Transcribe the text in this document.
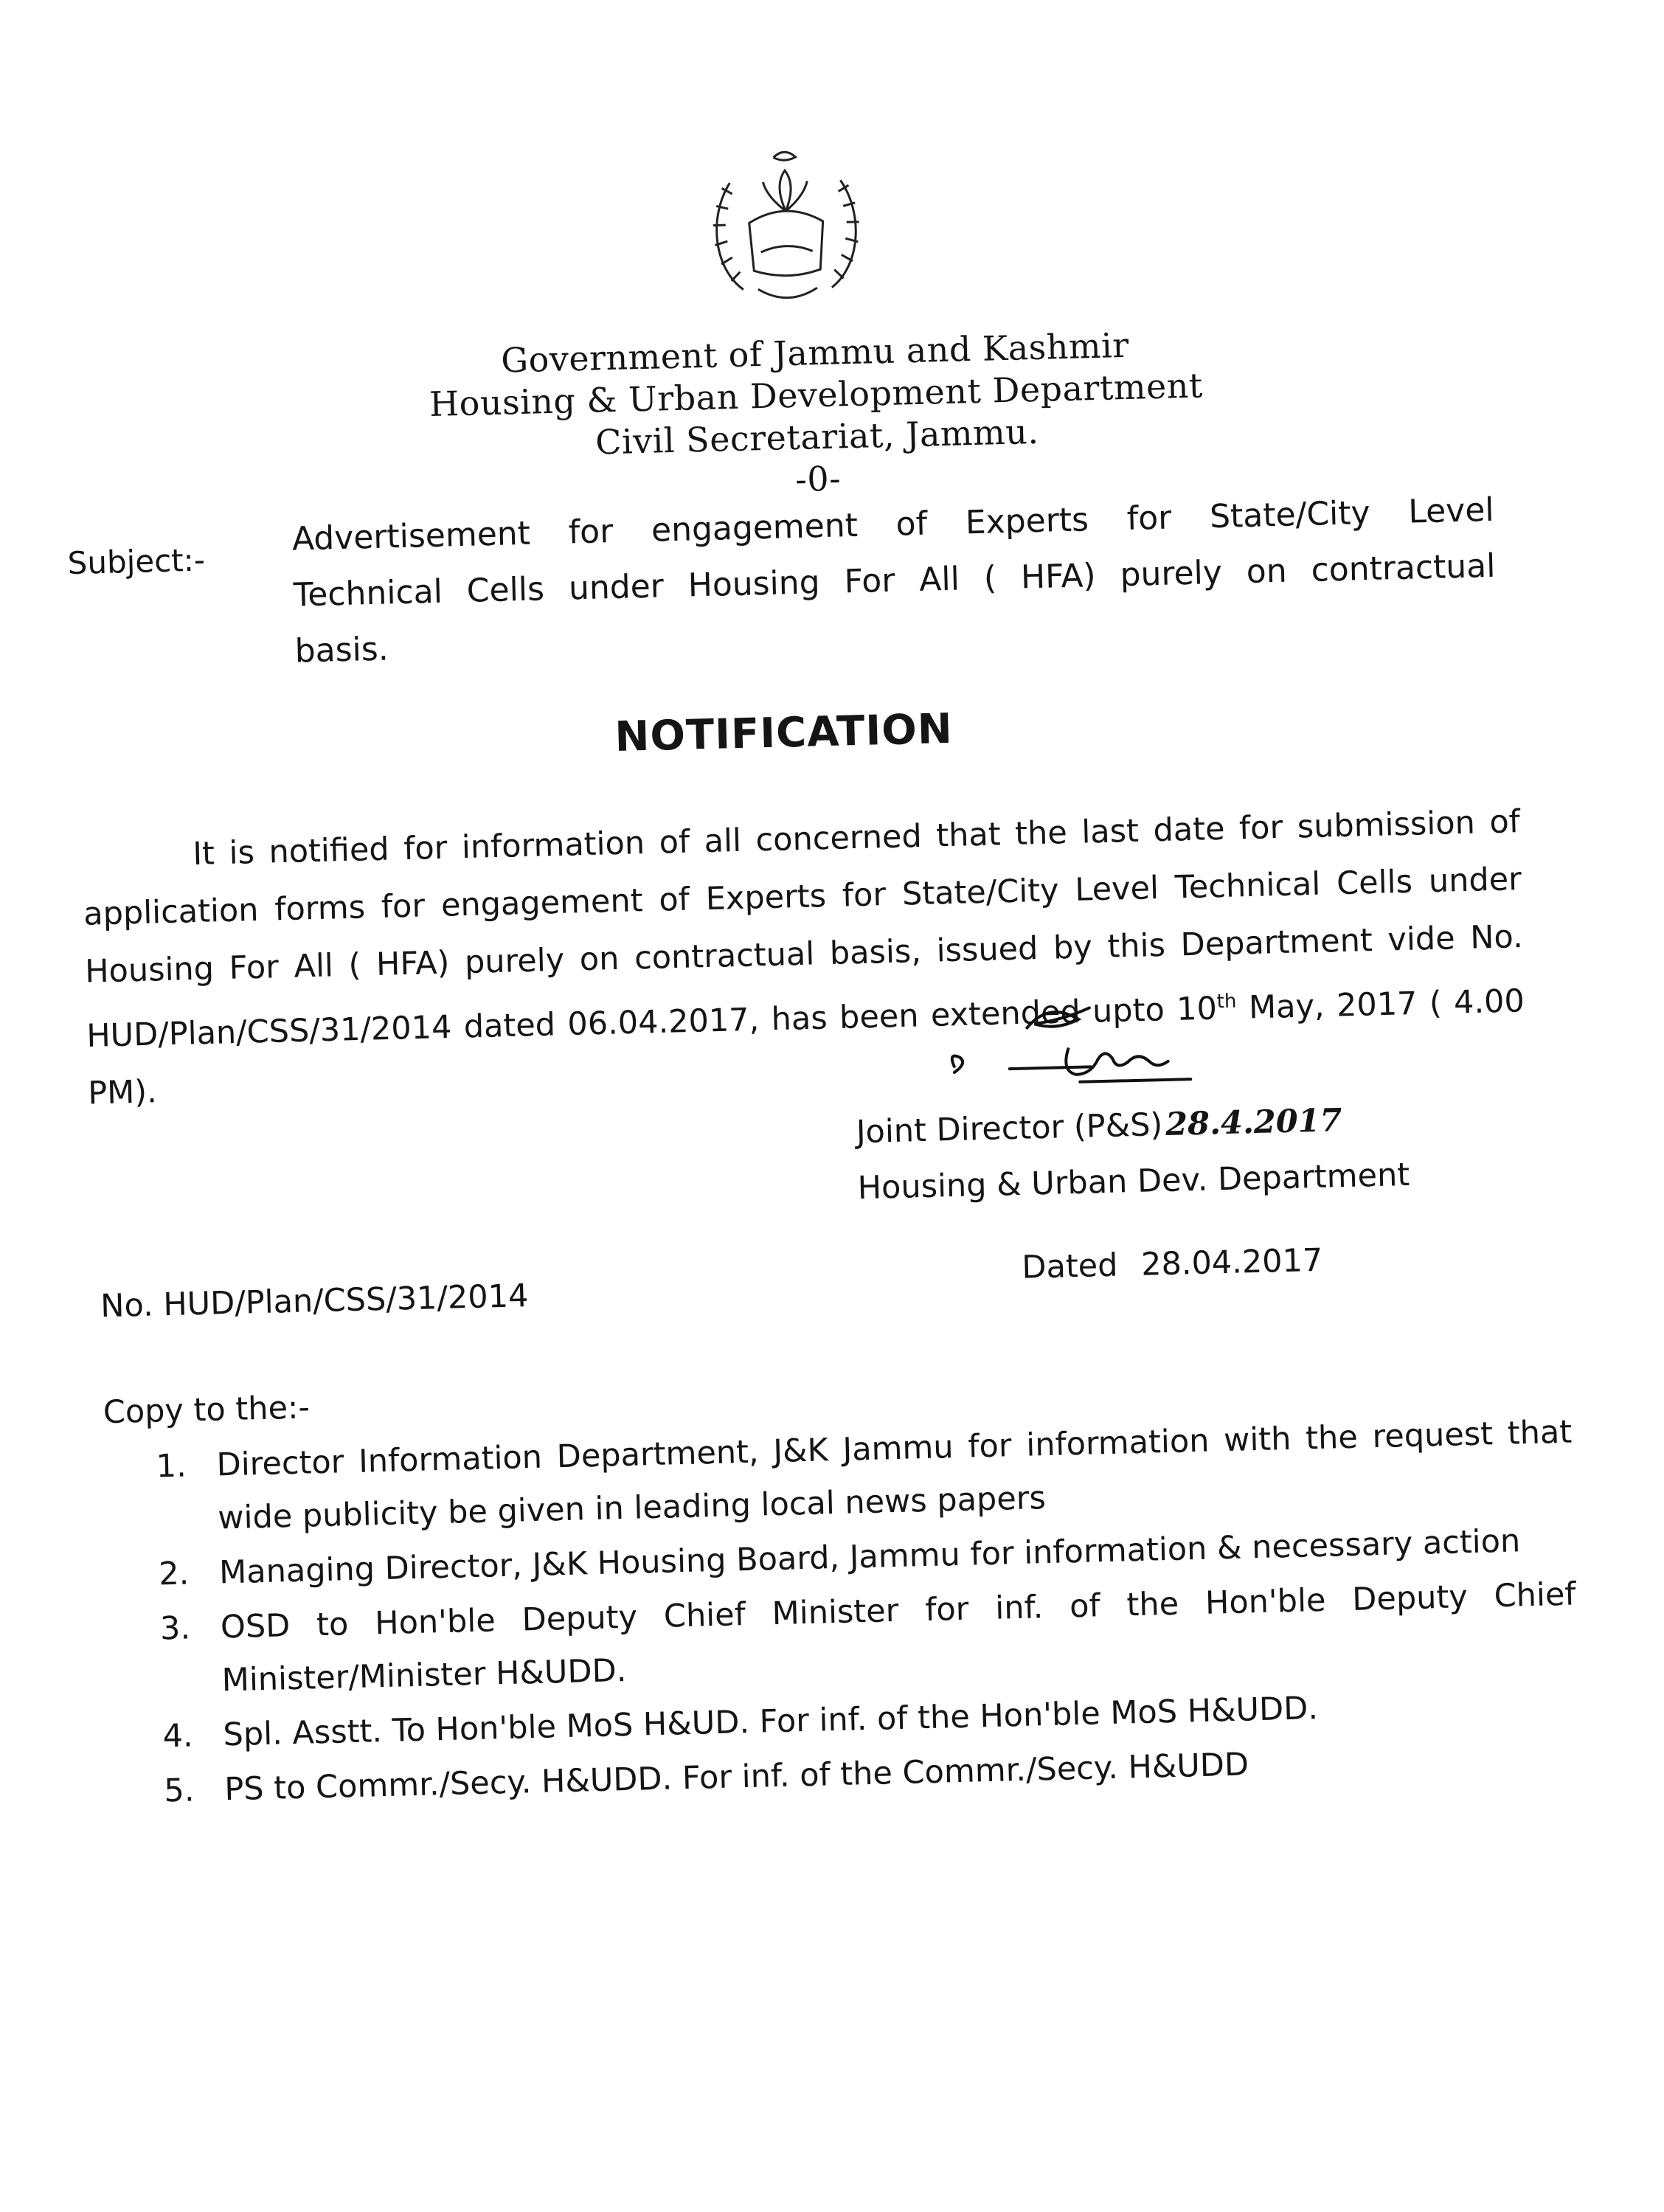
Government of Jammu and Kashmir
Housing & Urban Development Department
Civil Secretariat, Jammu.
-0-
Subject:-
Advertisement for engagement of Experts for State/City Level Technical Cells under Housing For All ( HFA) purely on contractual basis.
NOTIFICATION
It is notified for information of all concerned that the last date for submission of application forms for engagement of Experts for State/City Level Technical Cells under Housing For All ( HFA) purely on contractual basis, issued by this Department vide No. HUD/Plan/CSS/31/2014 dated 06.04.2017, has been extended upto 10th May, 2017 ( 4.00 PM).
Joint Director (P&S)28.4.2017
Housing & Urban Dev. Department
No. HUD/Plan/CSS/31/2014
Dated 28.04.2017
Copy to the:-
1. Director Information Department, J&K Jammu for information with the request that wide publicity be given in leading local news papers
2. Managing Director, J&K Housing Board, Jammu for information & necessary action
3. OSD to Hon'ble Deputy Chief Minister for inf. of the Hon'ble Deputy Chief Minister/Minister H&UDD.
4. Spl. Asstt. To Hon'ble MoS H&UD. For inf. of the Hon'ble MoS H&UDD.
5. PS to Commr./Secy. H&UDD. For inf. of the Commr./Secy. H&UDD
